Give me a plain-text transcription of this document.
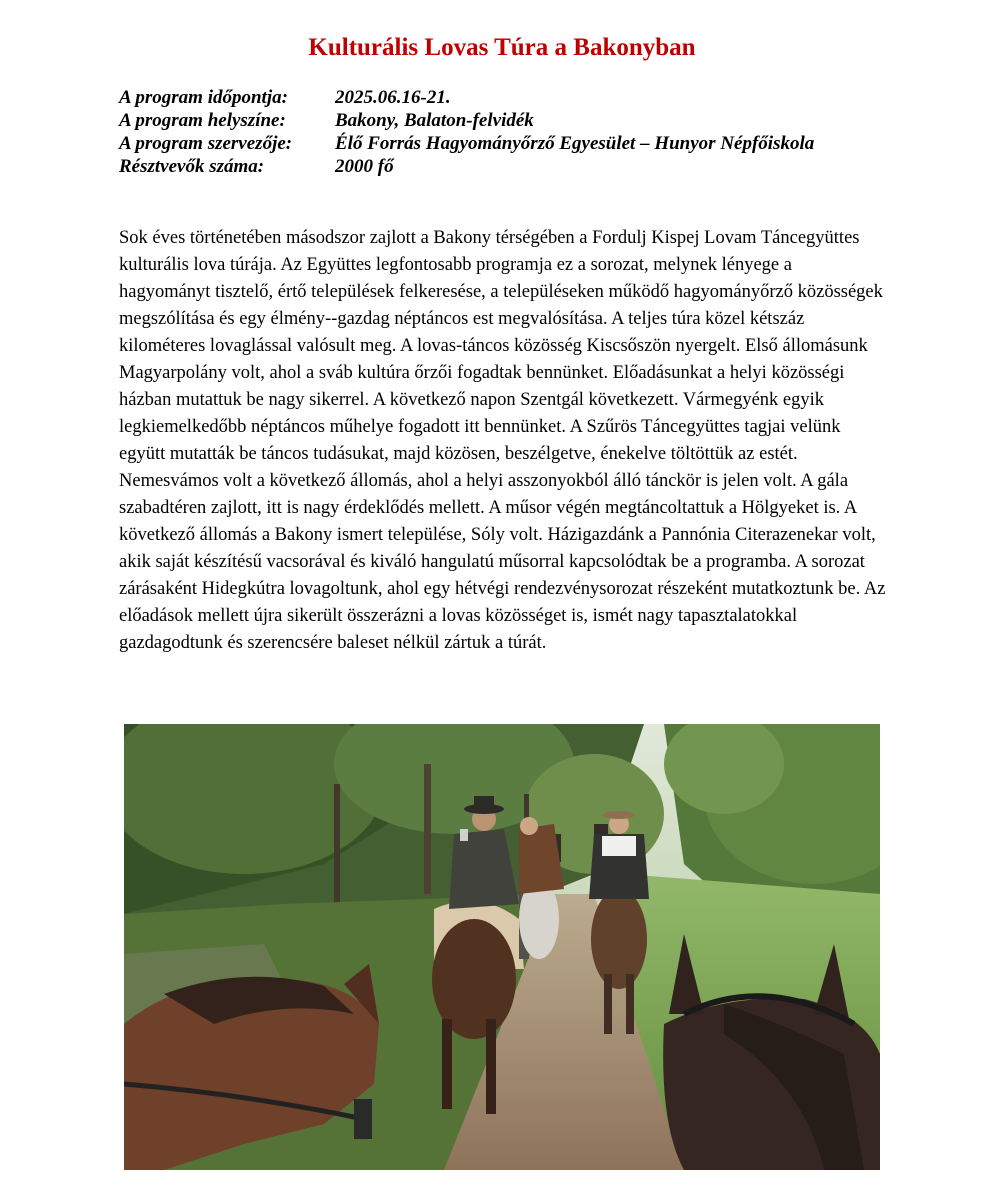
Kulturális Lovas Túra a Bakonyban
A program időpontja:	2025.06.16-21.
A program helyszíne:	Bakony, Balaton-felvidék
A program szervezője:	Élő Forrás Hagyományőrző Egyesület – Hunyor Népfőiskola
Résztvevők száma:	2000 fő

Sok éves történetében másodszor zajlott a Bakony térségében a Fordulj Kispej Lovam Táncegyüttes kulturális lova túrája. Az Együttes legfontosabb programja ez a sorozat, melynek lényege a hagyományt tisztelő, értő települések felkeresése, a településeken működő hagyományőrző közösségek megszólítása és egy élmény--gazdag néptáncos est megvalósítása. A teljes túra közel kétszáz kilométeres lovaglással valósult meg. A lovas-táncos közösség Kiscsőszön nyergelt. Első állomásunk Magyarpolány volt, ahol a sváb kultúra őrzői fogadtak bennünket. Előadásunkat a helyi közösségi házban mutattuk be nagy sikerrel. A következő napon Szentgál következett. Vármegyénk egyik legkiemelkedőbb néptáncos műhelye fogadott itt bennünket. A Szűrös Táncegyüttes tagjai velünk együtt mutatták be táncos tudásukat, majd közösen, beszélgetve, énekelve töltöttük az estét. Nemesvámos volt a következő állomás, ahol a helyi asszonyokból álló tánckör is jelen volt. A gála szabadtéren zajlott, itt is nagy érdeklődés mellett. A műsor végén megtáncoltattuk a Hölgyeket is. A következő állomás a Bakony ismert települése, Sóly volt. Házigazdánk a Pannónia Citerazenekar volt, akik saját készítésű vacsorával és kiváló hangulatú műsorral kapcsolódtak be a programba. A sorozat zárásaként Hidegkútra lovagoltunk, ahol egy hétvégi rendezvénysorozat részeként mutatkoztunk be. Az előadások mellett újra sikerült összerázni a lovas közösséget is, ismét nagy tapasztalatokkal gazdagodtunk és szerencsére baleset nélkül zártuk a túrát.
